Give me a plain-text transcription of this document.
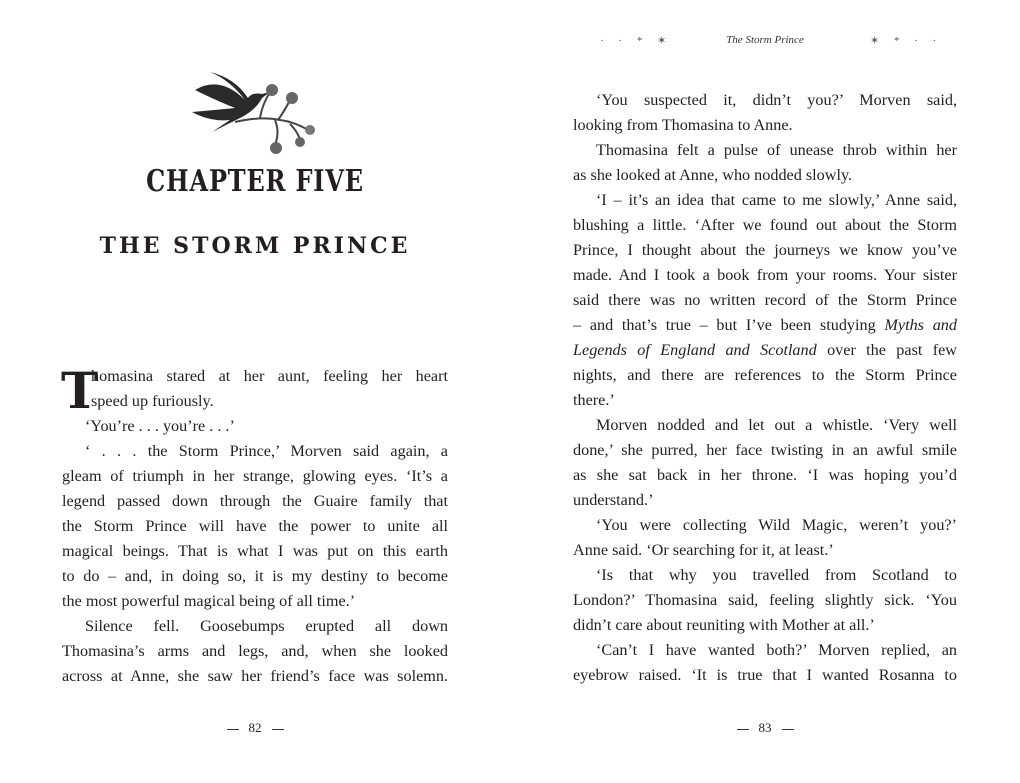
CHAPTER FIVE
THE STORM PRINCE
T
homasina stared at her aunt, feeling her heart
speed up furiously.
‘You’re . . . you’re . . .’
‘ . . . the Storm Prince,’ Morven said again, a
gleam of triumph in her strange, glowing eyes. ‘It’s a
legend passed down through the Guaire family that
the Storm Prince will have the power to unite all
magical beings. That is what I was put on this earth
to do – and, in doing so, it is my destiny to become
the most powerful magical being of all time.’
Silence fell. Goosebumps erupted all down
Thomasina’s arms and legs, and, when she looked
across at Anne, she saw her friend’s face was solemn.
82
· · * ✶	The Storm Prince	✶ * · ·
‘You suspected it, didn’t you?’ Morven said,
looking from Thomasina to Anne.
Thomasina felt a pulse of unease throb within her
as she looked at Anne, who nodded slowly.
‘I – it’s an idea that came to me slowly,’ Anne said,
blushing a little. ‘After we found out about the Storm
Prince, I thought about the journeys we know you’ve
made. And I took a book from your rooms. Your sister
said there was no written record of the Storm Prince
– and that’s true – but I’ve been studying Myths and
Legends of England and Scotland over the past few
nights, and there are references to the Storm Prince
there.’
Morven nodded and let out a whistle. ‘Very well
done,’ she purred, her face twisting in an awful smile
as she sat back in her throne. ‘I was hoping you’d
understand.’
‘You were collecting Wild Magic, weren’t you?’
Anne said. ‘Or searching for it, at least.’
‘Is that why you travelled from Scotland to
London?’ Thomasina said, feeling slightly sick. ‘You
didn’t care about reuniting with Mother at all.’
‘Can’t I have wanted both?’ Morven replied, an
eyebrow raised. ‘It is true that I wanted Rosanna to
83
